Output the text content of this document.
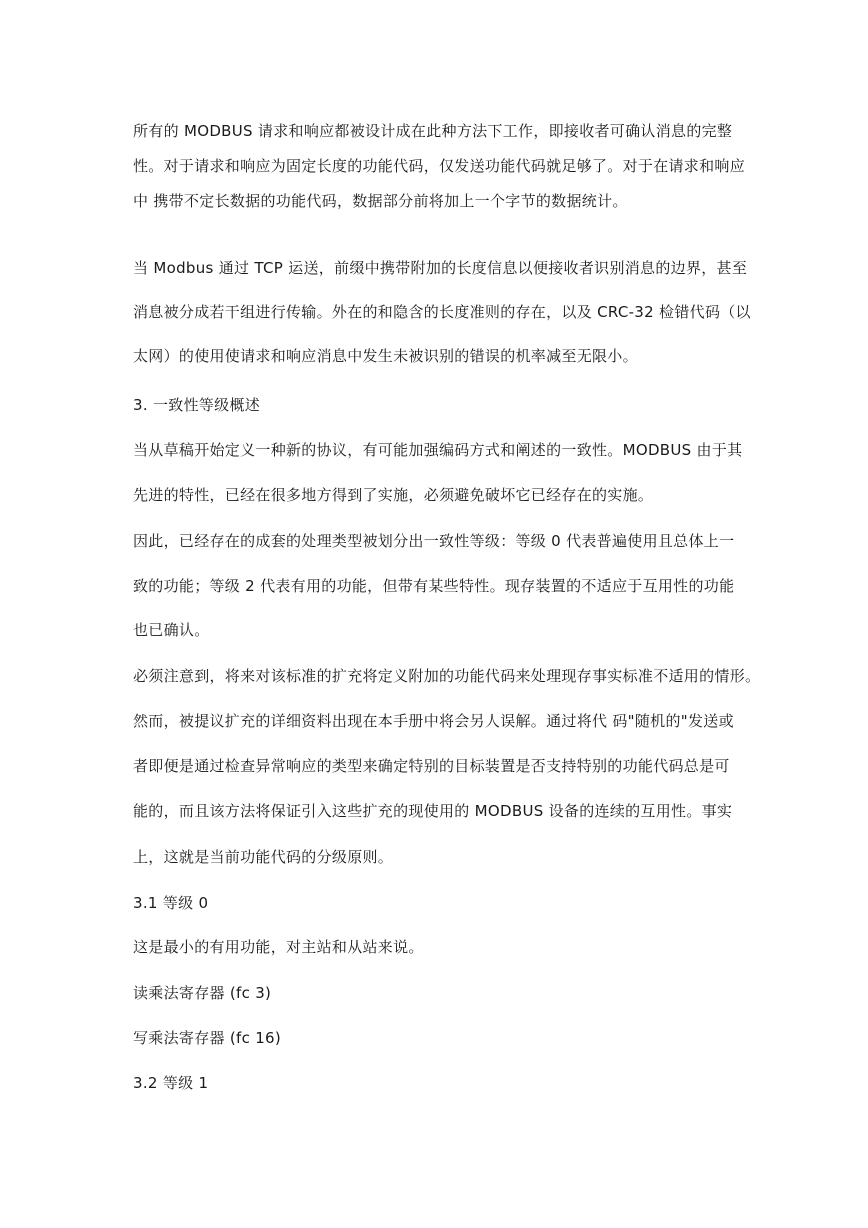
所有的 MODBUS 请求和响应都被设计成在此种方法下工作，即接收者可确认消息的完整
性。对于请求和响应为固定长度的功能代码，仅发送功能代码就足够了。对于在请求和响应
中 携带不定长数据的功能代码，数据部分前将加上一个字节的数据统计。
当 Modbus 通过 TCP 运送，前缀中携带附加的长度信息以便接收者识别消息的边界，甚至
消息被分成若干组进行传输。外在的和隐含的长度准则的存在，以及 CRC-32 检错代码（以
太网）的使用使请求和响应消息中发生未被识别的错误的机率减至无限小。
3. 一致性等级概述
当从草稿开始定义一种新的协议，有可能加强编码方式和阐述的一致性。MODBUS 由于其
先进的特性，已经在很多地方得到了实施，必须避免破坏它已经存在的实施。
因此，已经存在的成套的处理类型被划分出一致性等级：等级 0 代表普遍使用且总体上一
致的功能；等级 2 代表有用的功能，但带有某些特性。现存装置的不适应于互用性的功能
也已确认。
必须注意到，将来对该标准的扩充将定义附加的功能代码来处理现存事实标准不适用的情形。
然而，被提议扩充的详细资料出现在本手册中将会另人误解。通过将代 码"随机的"发送或
者即便是通过检查异常响应的类型来确定特别的目标装置是否支持特别的功能代码总是可
能的，而且该方法将保证引入这些扩充的现使用的 MODBUS 设备的连续的互用性。事实
上，这就是当前功能代码的分级原则。
3.1 等级 0
这是最小的有用功能，对主站和从站来说。
读乘法寄存器 (fc 3)
写乘法寄存器 (fc 16)
3.2 等级 1
